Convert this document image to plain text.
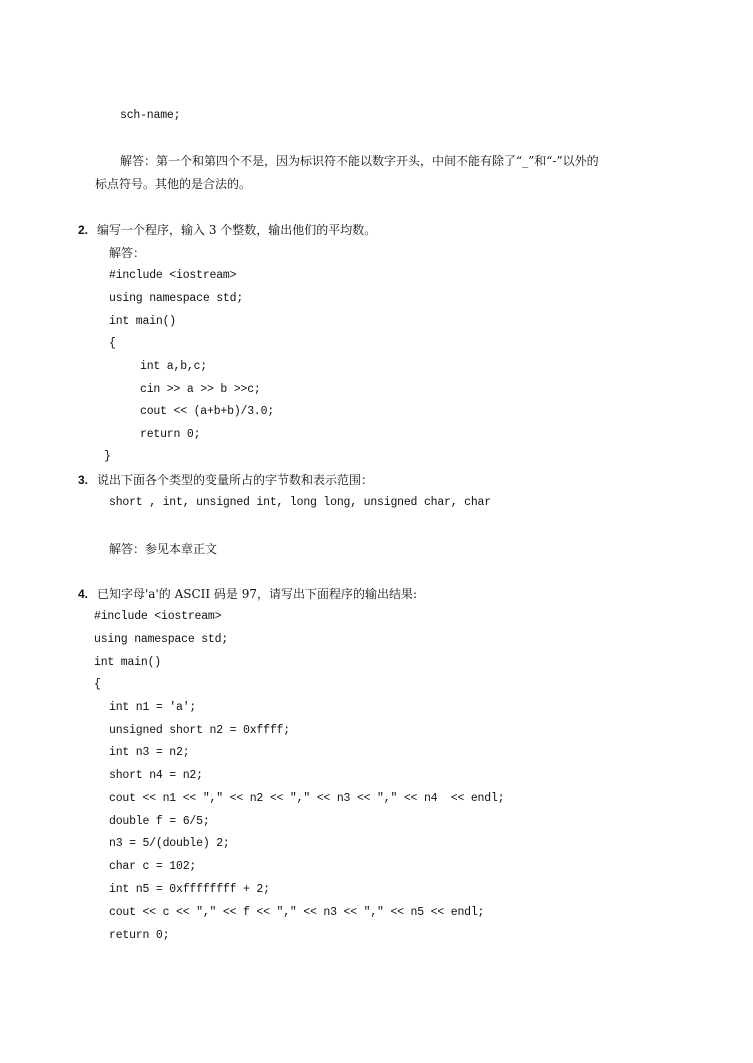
sch-name;
解答：第一个和第四个不是，因为标识符不能以数字开头，中间不能有除了“_”和“-”以外的
标点符号。其他的是合法的。
2. 编写一个程序，输入 3 个整数，输出他们的平均数。
解答：
#include <iostream>
using namespace std;
int main()
{
int a,b,c;
cin >> a >> b >>c;
cout << (a+b+b)/3.0;
return 0;
}
3. 说出下面各个类型的变量所占的字节数和表示范围：
short , int, unsigned int, long long, unsigned char, char
解答：参见本章正文
4. 已知字母'a'的 ASCII 码是 97，请写出下面程序的输出结果:
#include <iostream>
using namespace std;
int main()
{
int n1 = 'a';
unsigned short n2 = 0xffff;
int n3 = n2;
short n4 = n2;
cout << n1 << "," << n2 << "," << n3 << "," << n4  << endl;
double f = 6/5;
n3 = 5/(double) 2;
char c = 102;
int n5 = 0xffffffff + 2;
cout << c << "," << f << "," << n3 << "," << n5 << endl;
return 0;
